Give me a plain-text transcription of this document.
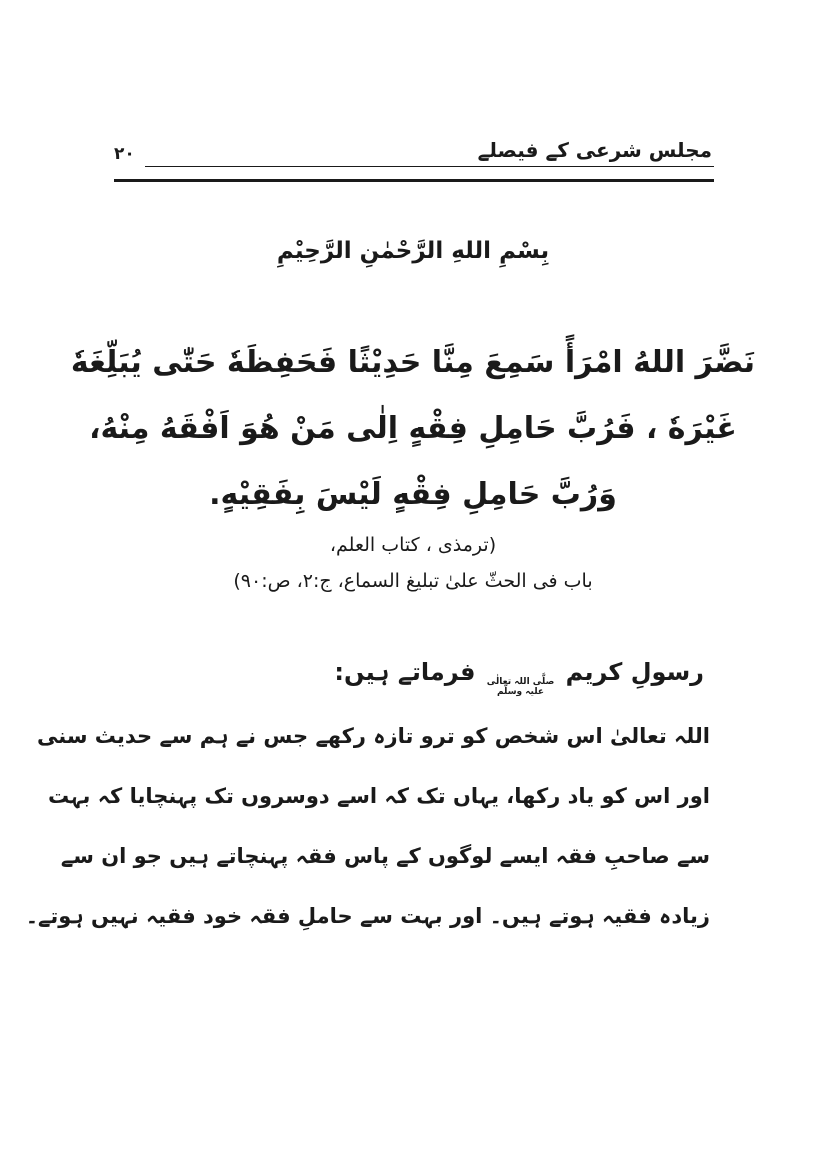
مجلس شرعی کے فیصلے
۲۰
بِسْمِ اللهِ الرَّحْمٰنِ الرَّحِيْمِ
نَضَّرَ اللهُ امْرَأً سَمِعَ مِنَّا حَدِيْثًا فَحَفِظَهٗ حَتّٰى يُبَلِّغَهٗ
غَيْرَهٗ ، فَرُبَّ حَامِلِ فِقْهٍ اِلٰى مَنْ هُوَ اَفْقَهُ مِنْهُ،
وَرُبَّ حَامِلِ فِقْهٍ لَيْسَ بِفَقِيْهٍ.
(ترمذی ، کتاب العلم،
باب فی الحثّ علیٰ تبلیغ السماع، ج:۲، ص:۹۰)
رسولِ کریم
صلَّی اللہ تعالٰی
علیہ وسلَّم
فرماتے ہیں:
اللہ تعالیٰ اس شخص کو ترو تازہ رکھے جس نے ہم سے حدیث سنی
اور اس کو یاد رکھا، یہاں تک کہ اسے دوسروں تک پہنچایا کہ بہت
سے صاحبِ فقہ ایسے لوگوں کے پاس فقہ پہنچاتے ہیں جو ان سے
زیادہ فقیہ ہوتے ہیں۔ اور بہت سے حاملِ فقہ خود فقیہ نہیں ہوتے۔
